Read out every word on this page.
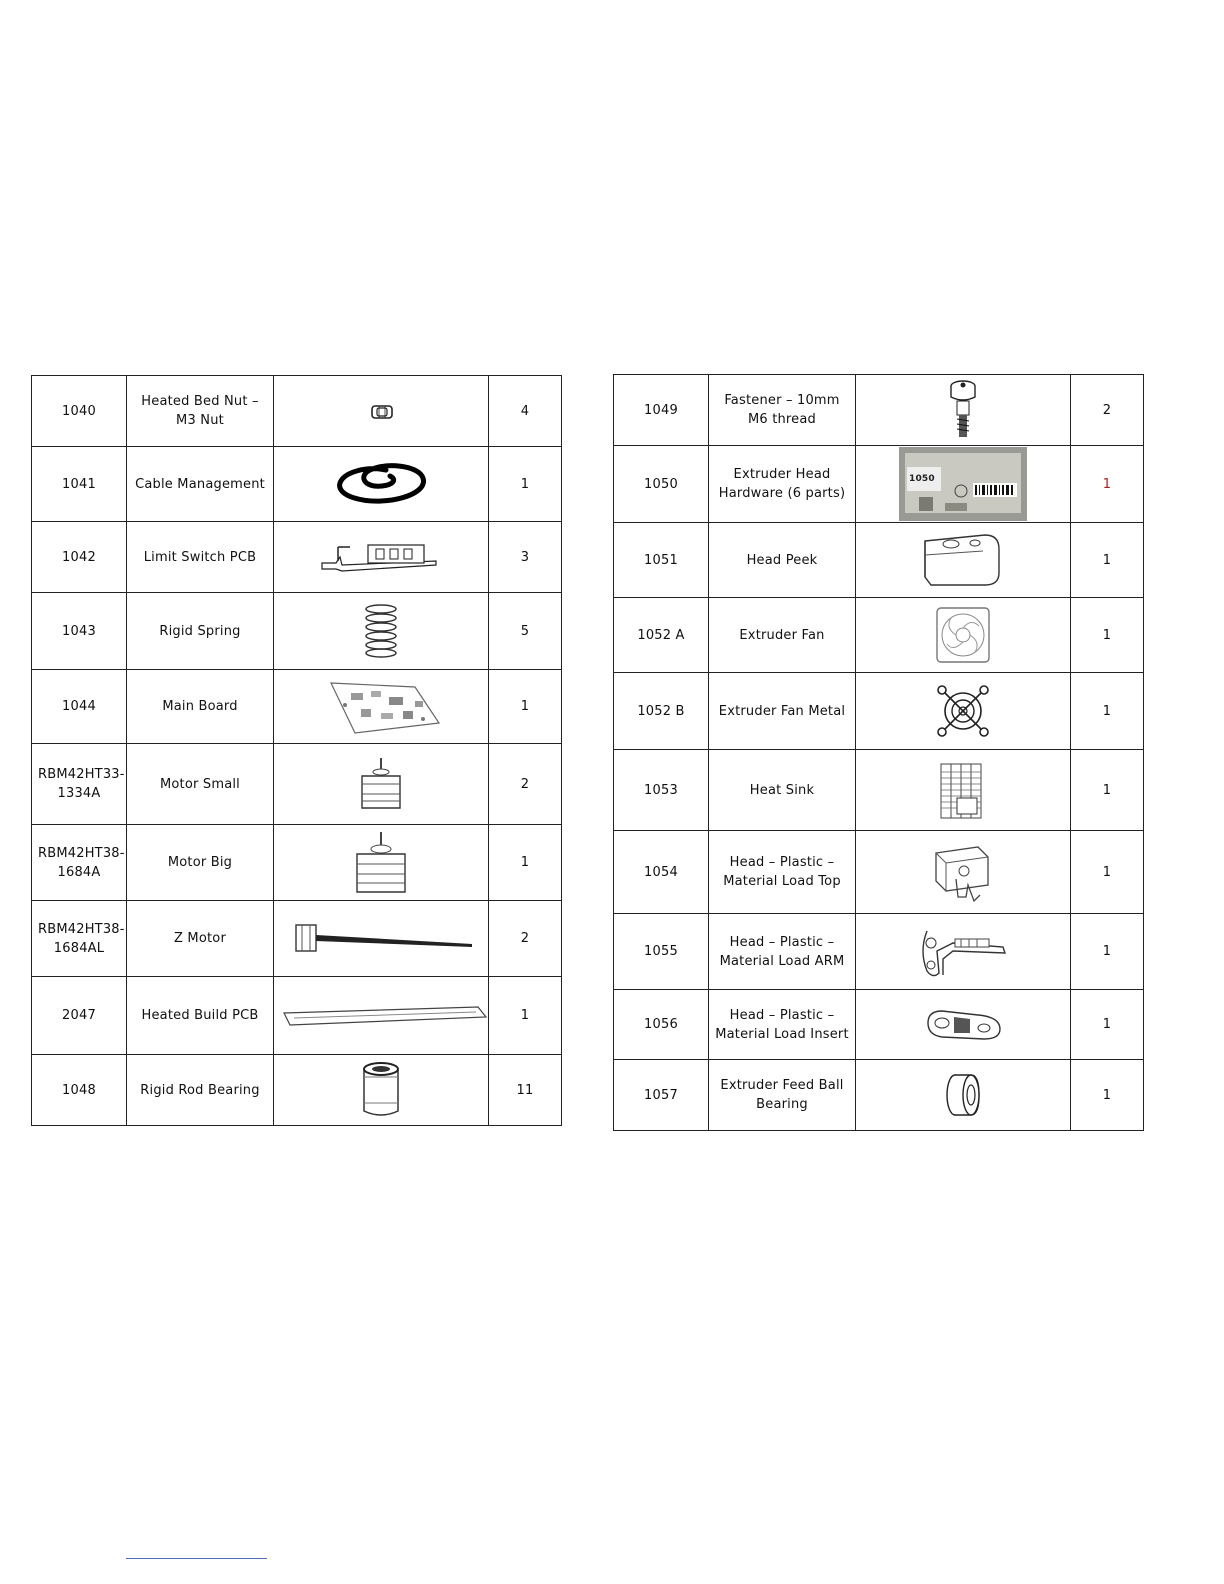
1040	Heated Bed Nut – M3 Nut		4
1041	Cable Management		1
1042	Limit Switch PCB		3
1043	Rigid Spring		5
1044	Main Board		1
RBM42HT33-1334A	Motor Small		2
RBM42HT38-1684A	Motor Big		1
RBM42HT38-1684AL	Z Motor		2
2047	Heated Build PCB		1
1048	Rigid Rod Bearing		11
1049	Fastener – 10mm M6 thread		2
1050	Extruder Head Hardware (6 parts)	1050	1
1051	Head Peek		1
1052 A	Extruder Fan		1
1052 B	Extruder Fan Metal		1
1053	Heat Sink		1
1054	Head – Plastic – Material Load Top		1
1055	Head – Plastic – Material Load ARM		1
1056	Head – Plastic – Material Load Insert		1
1057	Extruder Feed Ball Bearing		1
